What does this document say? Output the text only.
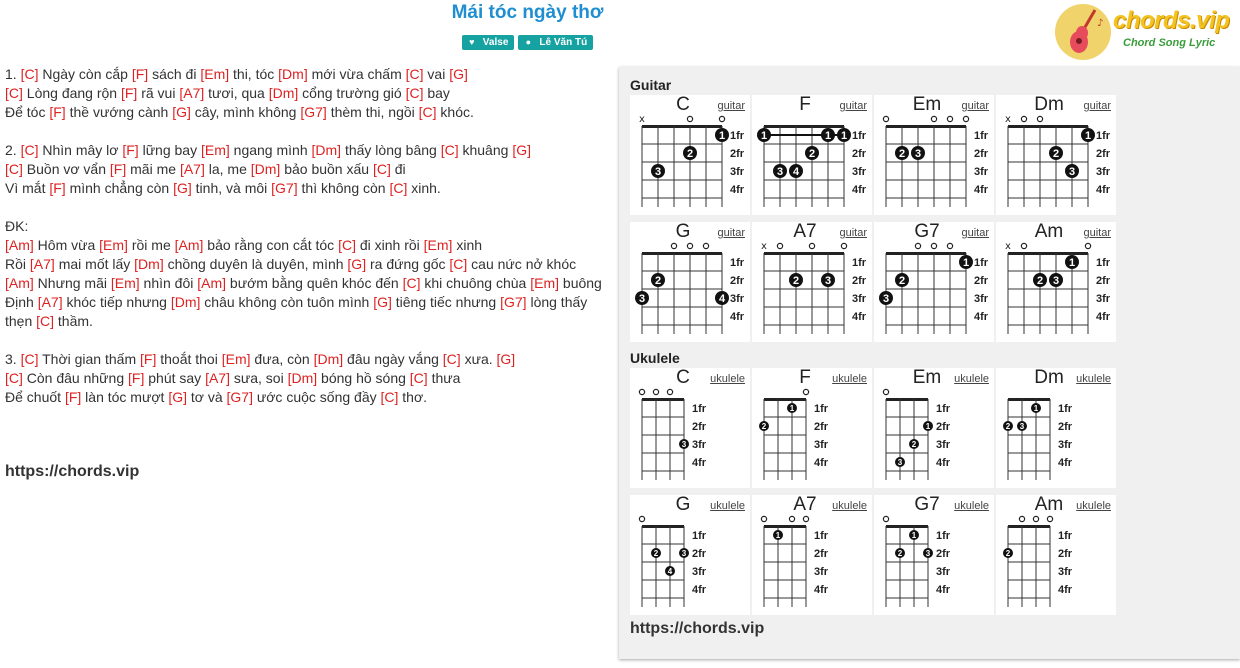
Mái tóc ngày thơ
♥ Valse ● Lê Văn Tú
♪ chords.vip
Chord Song Lyric
1. [C] Ngày còn cắp [F] sách đi [Em] thi, tóc [Dm] mới vừa chấm [C] vai [G]
[C] Lòng đang rộn [F] rã vui [A7] tươi, qua [Dm] cổng trường gió [C] bay
Để tóc [F] thề vướng cành [G] cây, mình không [G7] thèm thi, ngồi [C] khóc.
2. [C] Nhìn mây lơ [F] lững bay [Em] ngang mình [Dm] thấy lòng bâng [C] khuâng [G]
[C] Buồn vơ vẩn [F] mãi me [A7] la, me [Dm] bảo buồn xấu [C] đi
Vì mắt [F] mình chẳng còn [G] tinh, và môi [G7] thì không còn [C] xinh.
ĐK:
[Am] Hôm vừa [Em] rồi me [Am] bảo rằng con cắt tóc [C] đi xinh rồi [Em] xinh
Rồi [A7] mai mốt lấy [Dm] chồng duyên là duyên, mình [G] ra đứng gốc [C] cau nức nở khóc
[Am] Nhưng mãi [Em] nhìn đôi [Am] bướm bằng quên khóc đến [C] khi chuông chùa [Em] buông
Định [A7] khóc tiếp nhưng [Dm] châu không còn tuôn mình [G] tiêng tiếc nhưng [G7] lòng thấy thẹn [C] thầm.
3. [C] Thời gian thấm [F] thoắt thoi [Em] đưa, còn [Dm] đâu ngày vắng [C] xưa. [G]
[C] Còn đâu những [F] phút say [A7] sưa, soi [Dm] bóng hồ sóng [C] thưa
Để chuốt [F] làn tóc mượt [G] tơ và [G7] ước cuộc sống đầy [C] thơ.
https://chords.vip
Guitar
C	guitar
1fr
2fr
3fr
4fr
x
1
2
3
F	guitar
1fr
2fr
3fr
4fr
1	1 1
2
3 4
Em	guitar
1fr
2fr
3fr
4fr
2 3
Dm	guitar
1fr
2fr
3fr
4fr
x
1
2
3
G	guitar
1fr
2fr
3fr
4fr
2
3	4
A7	guitar
1fr
2fr
3fr
4fr
x
2 3
G7	guitar
1fr
2fr
3fr
4fr
1
2
3
Am	guitar
1fr
2fr
3fr
4fr
x
1
2 3
Ukulele
C	ukulele
1fr
2fr
3fr
4fr
3
F	ukulele
1fr
2fr
3fr
4fr
1
2
Em	ukulele
1fr
2fr
3fr
4fr
1
2
3
Dm	ukulele
1fr
2fr
3fr
4fr
1
2 3
G	ukulele
1fr
2fr
3fr
4fr
2	3
4
A7	ukulele
1fr
2fr
3fr
4fr
1
G7	ukulele
1fr
2fr
3fr
4fr
1
2	3
Am	ukulele
1fr
2fr
3fr
4fr
2
https://chords.vip
